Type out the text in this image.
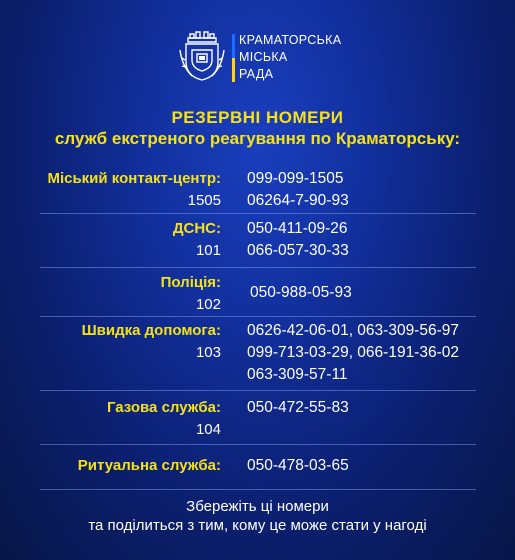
КРАМАТОРСЬКА
МІСЬКА
РАДА
РЕЗЕРВНІ НОМЕРИ
служб екстреного реагування по Краматорську:
Міський контакт-центр:
1505
099-099-1505
06264-7-90-93
ДСНС:
101
050-411-09-26
066-057-30-33
Поліція:
102
050-988-05-93
Швидка допомога:
103
0626-42-06-01, 063-309-56-97
099-713-03-29, 066-191-36-02
063-309-57-11
Газова служба:
104
050-472-55-83
Ритуальна служба: 050-478-03-65
Збережіть ці номери
та поділиться з тим, кому це може стати у нагоді
